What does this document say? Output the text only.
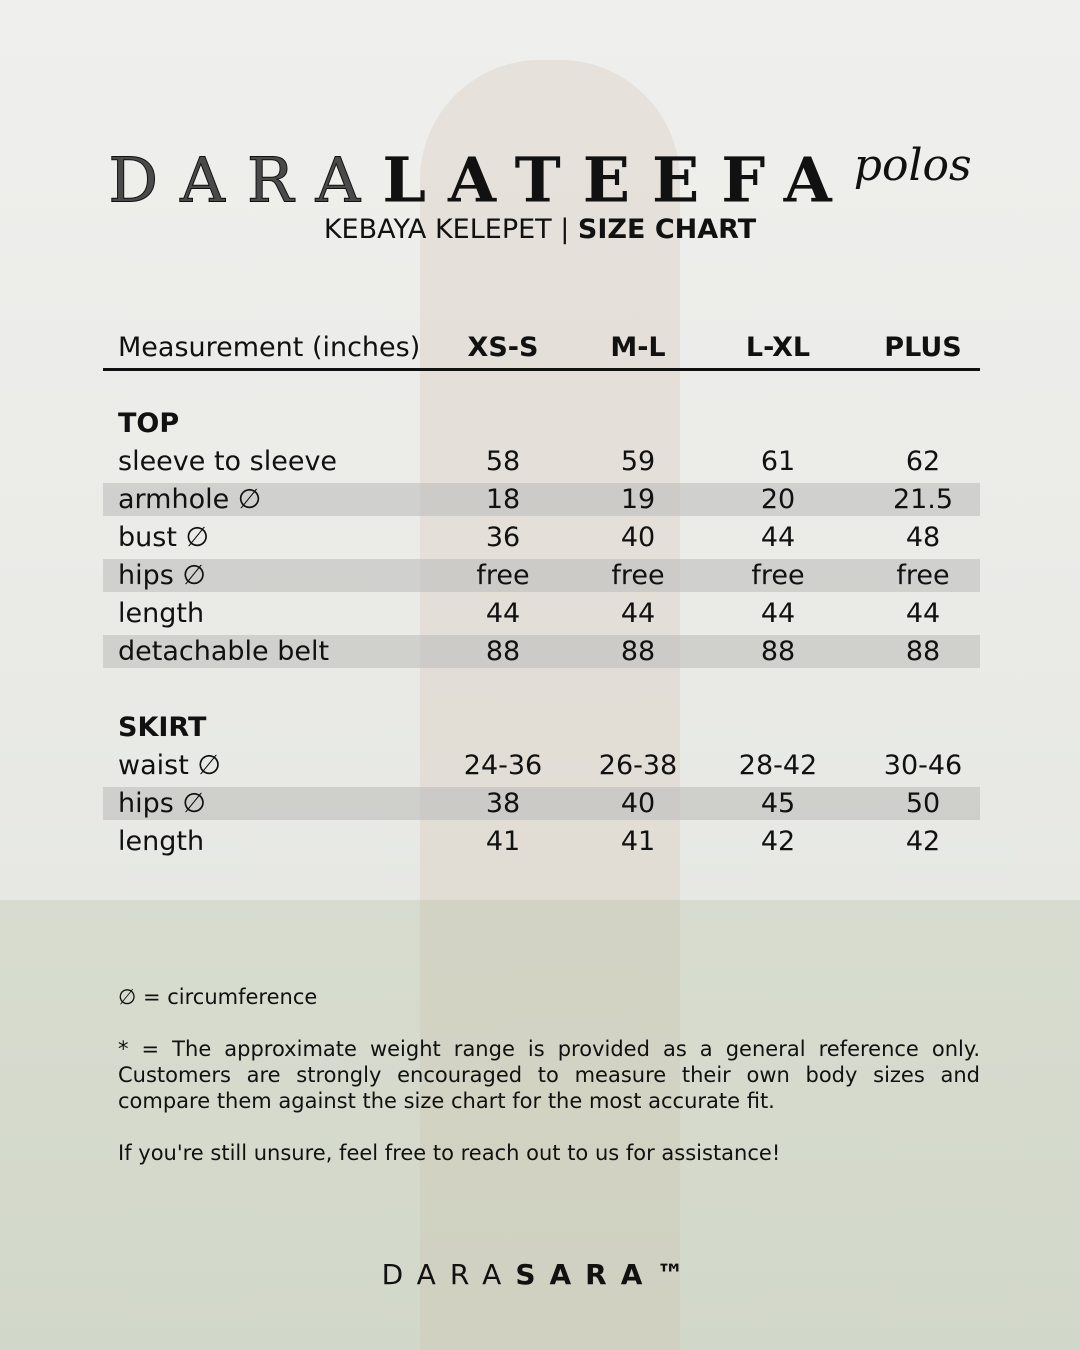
$DARALATEEFA^{polos}$
KEBAYA KELEPET | SIZE CHART
Measurement (inches)	XS-S	M-L	L-XL	PLUS
TOP
sleeve to sleeve	58	59	61	62
armhole ∅	18	19	20	21.5
bust ∅	36	40	44	48
hips ∅	free	free	free	free
length	44	44	44	44
detachable belt	88	88	88	88
SKIRT
waist ∅	24-36	26-38	28-42	30-46
hips ∅	38	40	45	50
length	41	41	42	42
∅ = circumference
* = The approximate weight range is provided as a general reference only. Customers are strongly encouraged to measure their own body sizes and compare them against the size chart for the most accurate fit.
If you're still unsure, feel free to reach out to us for assistance!
DARASARA™
